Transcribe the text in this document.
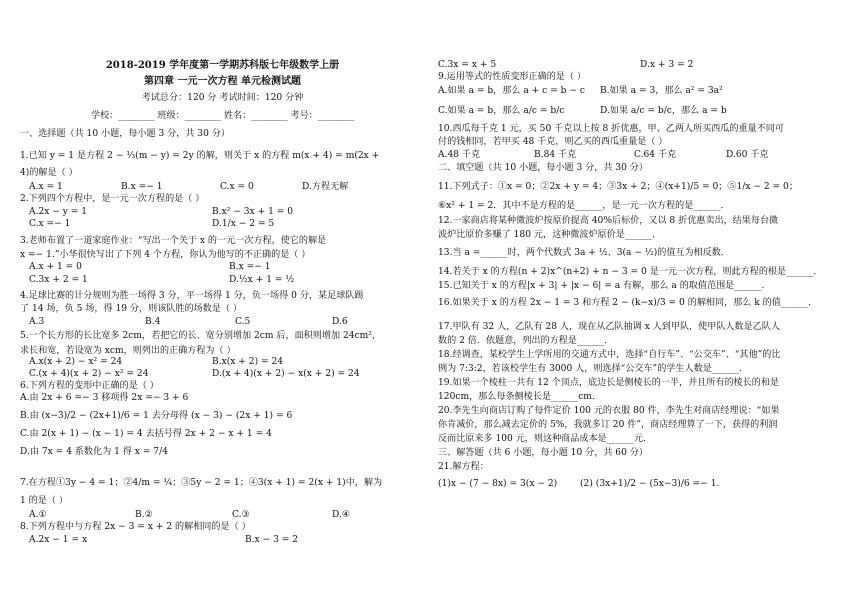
2018-2019 学年度第一学期苏科版七年级数学上册
第四章 一元一次方程 单元检测试题
考试总分：120 分 考试时间：120 分钟
学校：________ 班级：________ 姓名：________ 考号：________
一、选择题（共 10 小题，每小题 3 分，共 30 分）
1.已知 y = 1 是方程 2 − ⅓(m − y) = 2y 的解，则关于 x 的方程 m(x + 4) = m(2x +
4)的解是（ ）
A.x = 1	B.x =− 1	C.x = 0	D.方程无解
2.下列四个方程中，是一元一次方程的是（ ）
A.2x − y = 1	B.x² − 3x + 1 = 0
C.x =− 1	D.1/x − 2 = 5
3.老师布置了一道家庭作业：“写出一个关于 x 的一元一次方程，使它的解是
x =− 1.”小华很快写出了下列 4 个方程，你认为他写的不正确的是（ ）
A.x + 1 = 0	B.x =− 1
C.3x + 2 = 1	D.½x + 1 = ½
4.足球比赛的计分规则为胜一场得 3 分，平一场得 1 分，负一场得 0 分，某足球队踢
了 14 场，负 5 场，得 19 分，则该队胜的场数是（ ）
A.3	B.4	C.5	D.6
5.一个长方形的长比宽多 2cm，若把它的长、宽分别增加 2cm 后，面积则增加 24cm²，
求长和宽，若设宽为 xcm，则列出的正确方程为（ ）
A.x(x + 2) − x² = 24	B.x(x + 2) = 24
C.(x + 4)(x + 2) − x² = 24	D.(x + 4)(x + 2) − x(x + 2) = 24
6.下列方程的变形中正确的是（ ）
A.由 2x + 6 =− 3 移项得 2x =− 3 + 6
B.由 (x−3)/2 − (2x+1)/6 = 1 去分母得 (x − 3) − (2x + 1) = 6
C.由 2(x + 1) − (x − 1) = 4 去括号得 2x + 2 − x + 1 = 4
D.由 7x = 4 系数化为 1 得 x = 7/4
7.在方程①3y − 4 = 1；②4/m = ¼；③5y − 2 = 1；④3(x + 1) = 2(x + 1)中，解为
1 的是（ ）
A.①	B.②	C.③	D.④
8.下列方程中与方程 2x − 3 = x + 2 的解相同的是（ ）
A.2x − 1 = x	B.x − 3 = 2
C.3x = x + 5	D.x + 3 = 2
9.运用等式的性质变形正确的是（ ）
A.如果 a = b，那么 a + c = b − c B.如果 a = 3，那么 a² = 3a²
C.如果 a = b，那么 a/c = b/c	D.如果 a/c = b/c，那么 a = b
10.西瓜每千克 1 元，买 50 千克以上按 8 折优惠，甲、乙两人所买西瓜的重量不同可
付的钱相同，若甲买 48 千克，则乙买的西瓜重量是（ ）
A.48 千克	B.84 千克	C.64 千克	D.60 千克
二、填空题（共 10 小题，每小题 3 分，共 30 分）
11.下列式子：①x = 0；②2x + y = 4；③3x + 2；④(x+1)/5 = 0；⑤1/x − 2 = 0；
⑥x² + 1 = 2．其中不是方程的是______，是一元一次方程的是______．
12.一家商店将某种微波炉按原价提高 40%后标价，又以 8 折优惠卖出，结果每台微
波炉比原价多赚了 180 元，这种微波炉原价是______．
13.当 a =______时，两个代数式 3a + ½、3(a − ½)的值互为相反数．
14.若关于 x 的方程(n + 2)x^(n+2) + n − 3 = 0 是一元一次方程，则此方程的根是______．
15.已知关于 x 的方程|x + 3| + |x − 6| = a 有解，那么 a 的取值范围是______．
16.如果关于 x 的方程 2x − 1 = 3 和方程 2 − (k−x)/3 = 0 的解相同，那么 k 的值______．
17.甲队有 32 人，乙队有 28 人，现在从乙队抽调 x 人到甲队，使甲队人数是乙队人
数的 2 倍．依题意，列出的方程是______．
18.经调查，某校学生上学所用的交通方式中，选择“自行车”、“公交车”、“其他”的比
例为 7:3:2，若该校学生有 3000 人，则选择“公交车”的学生人数是______．
19.如果一个棱柱一共有 12 个顶点，底边长是侧棱长的一半，并且所有的棱长的和是
120cm，那么每条侧棱长是______cm．
20.李先生向商店订购了每件定价 100 元的衣服 80 件，李先生对商店经理说：“如果
你肯减价，那么减去定价的 5%，我就多订 20 件”，商店经理算了一下，获得的利润
反而比原来多 100 元，则这种商品成本是______元．
三、解答题（共 6 小题，每小题 10 分，共 60 分）
21.解方程：
(1)x − (7 − 8x) = 3(x − 2)	(2) (3x+1)/2 − (5x−3)/6 =− 1．
